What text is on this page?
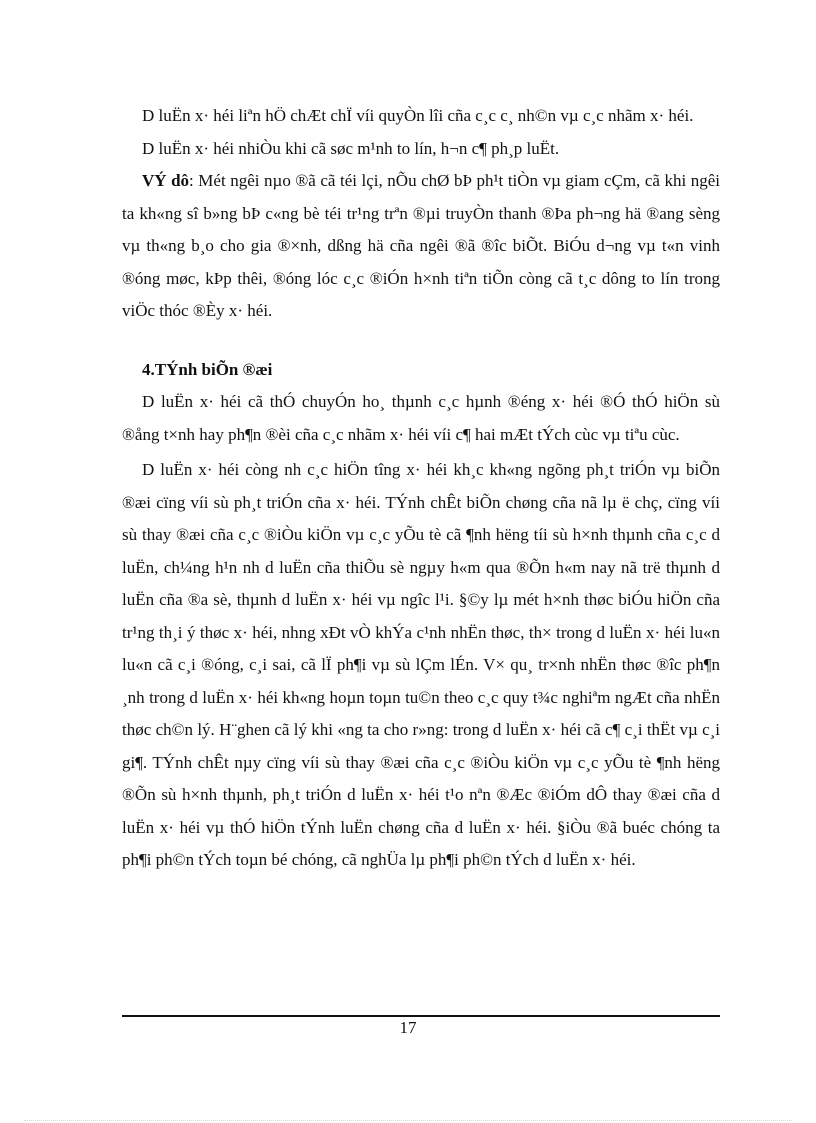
D luËn x· héi liªn hÖ chÆt chÏ víi quyÒn lîi cña c¸c c¸ nh©n vµ c¸c nhãm x· héi.

D luËn x· héi nhiÒu khi cã søc m¹nh to lín, h¬n c¶ ph¸p luËt.

VÝ dô: Mét ngêi nµo ®ã cã téi lçi, nÕu chØ bÞ ph¹t tiÒn vµ giam cÇm, cã khi ngêi ta kh«ng sî b»ng bÞ c«ng bè téi tr¹ng trªn ®µi truyÒn thanh ®Þa ph¬ng hä ®ang sèng vµ th«ng b¸o cho gia ®×nh, dßng hä cña ngêi ®ã ®îc biÕt. BiÓu d¬ng vµ t«n vinh ®óng møc, kÞp thêi, ®óng lóc c¸c ®iÓn h×nh tiªn tiÕn còng cã t¸c dông to lín trong viÖc thóc ®Èy x· héi.

4.TÝnh biÕn ®æi

D luËn x· héi cã thÓ chuyÓn ho¸ thµnh c¸c hµnh ®éng x· héi ®Ó thÓ hiÖn sù ®ång t×nh hay ph¶n ®èi cña c¸c nhãm x· héi víi c¶ hai mÆt tÝch cùc vµ tiªu cùc.

D luËn x· héi còng nh c¸c hiÖn tîng x· héi kh¸c kh«ng ngõng ph¸t triÓn vµ biÕn ®æi cïng víi sù ph¸t triÓn cña x· héi. TÝnh chÊt biÕn chøng cña nã lµ ë chç, cïng víi sù thay ®æi cña c¸c ®iÒu kiÖn vµ c¸c yÕu tè cã ¶nh hëng tíi sù h×nh thµnh cña c¸c d luËn, ch¼ng h¹n nh d luËn cña thiÕu sè ngµy h«m qua ®Õn h«m nay nã trë thµnh d luËn cña ®a sè, thµnh d luËn x· héi vµ ngîc l¹i. §©y lµ mét h×nh thøc biÓu hiÖn cña tr¹ng th¸i ý thøc x· héi, nhng xÐt vÒ khÝa c¹nh nhËn thøc, th× trong d luËn x· héi lu«n lu«n cã c¸i ®óng, c¸i sai, cã lÏ ph¶i vµ sù lÇm lÉn. V× qu¸ tr×nh nhËn thøc ®îc ph¶n ¸nh trong d luËn x· héi kh«ng hoµn toµn tu©n theo c¸c quy t¾c nghiªm ngÆt cña nhËn thøc ch©n lý. H¨ghen cã lý khi «ng ta cho r»ng: trong d luËn x· héi cã c¶ c¸i thËt vµ c¸i gi¶. TÝnh chÊt nµy cïng víi sù thay ®æi cña c¸c ®iÒu kiÖn vµ c¸c yÕu tè ¶nh hëng ®Õn sù h×nh thµnh, ph¸t triÓn d luËn x· héi t¹o nªn ®Æc ®iÓm dÔ thay ®æi cña d luËn x· héi vµ thÓ hiÖn tÝnh luËn chøng cña d luËn x· héi. §iÒu ®ã buéc chóng ta ph¶i ph©n tÝch toµn bé chóng, cã nghÜa lµ ph¶i ph©n tÝch d luËn x· héi.

17
